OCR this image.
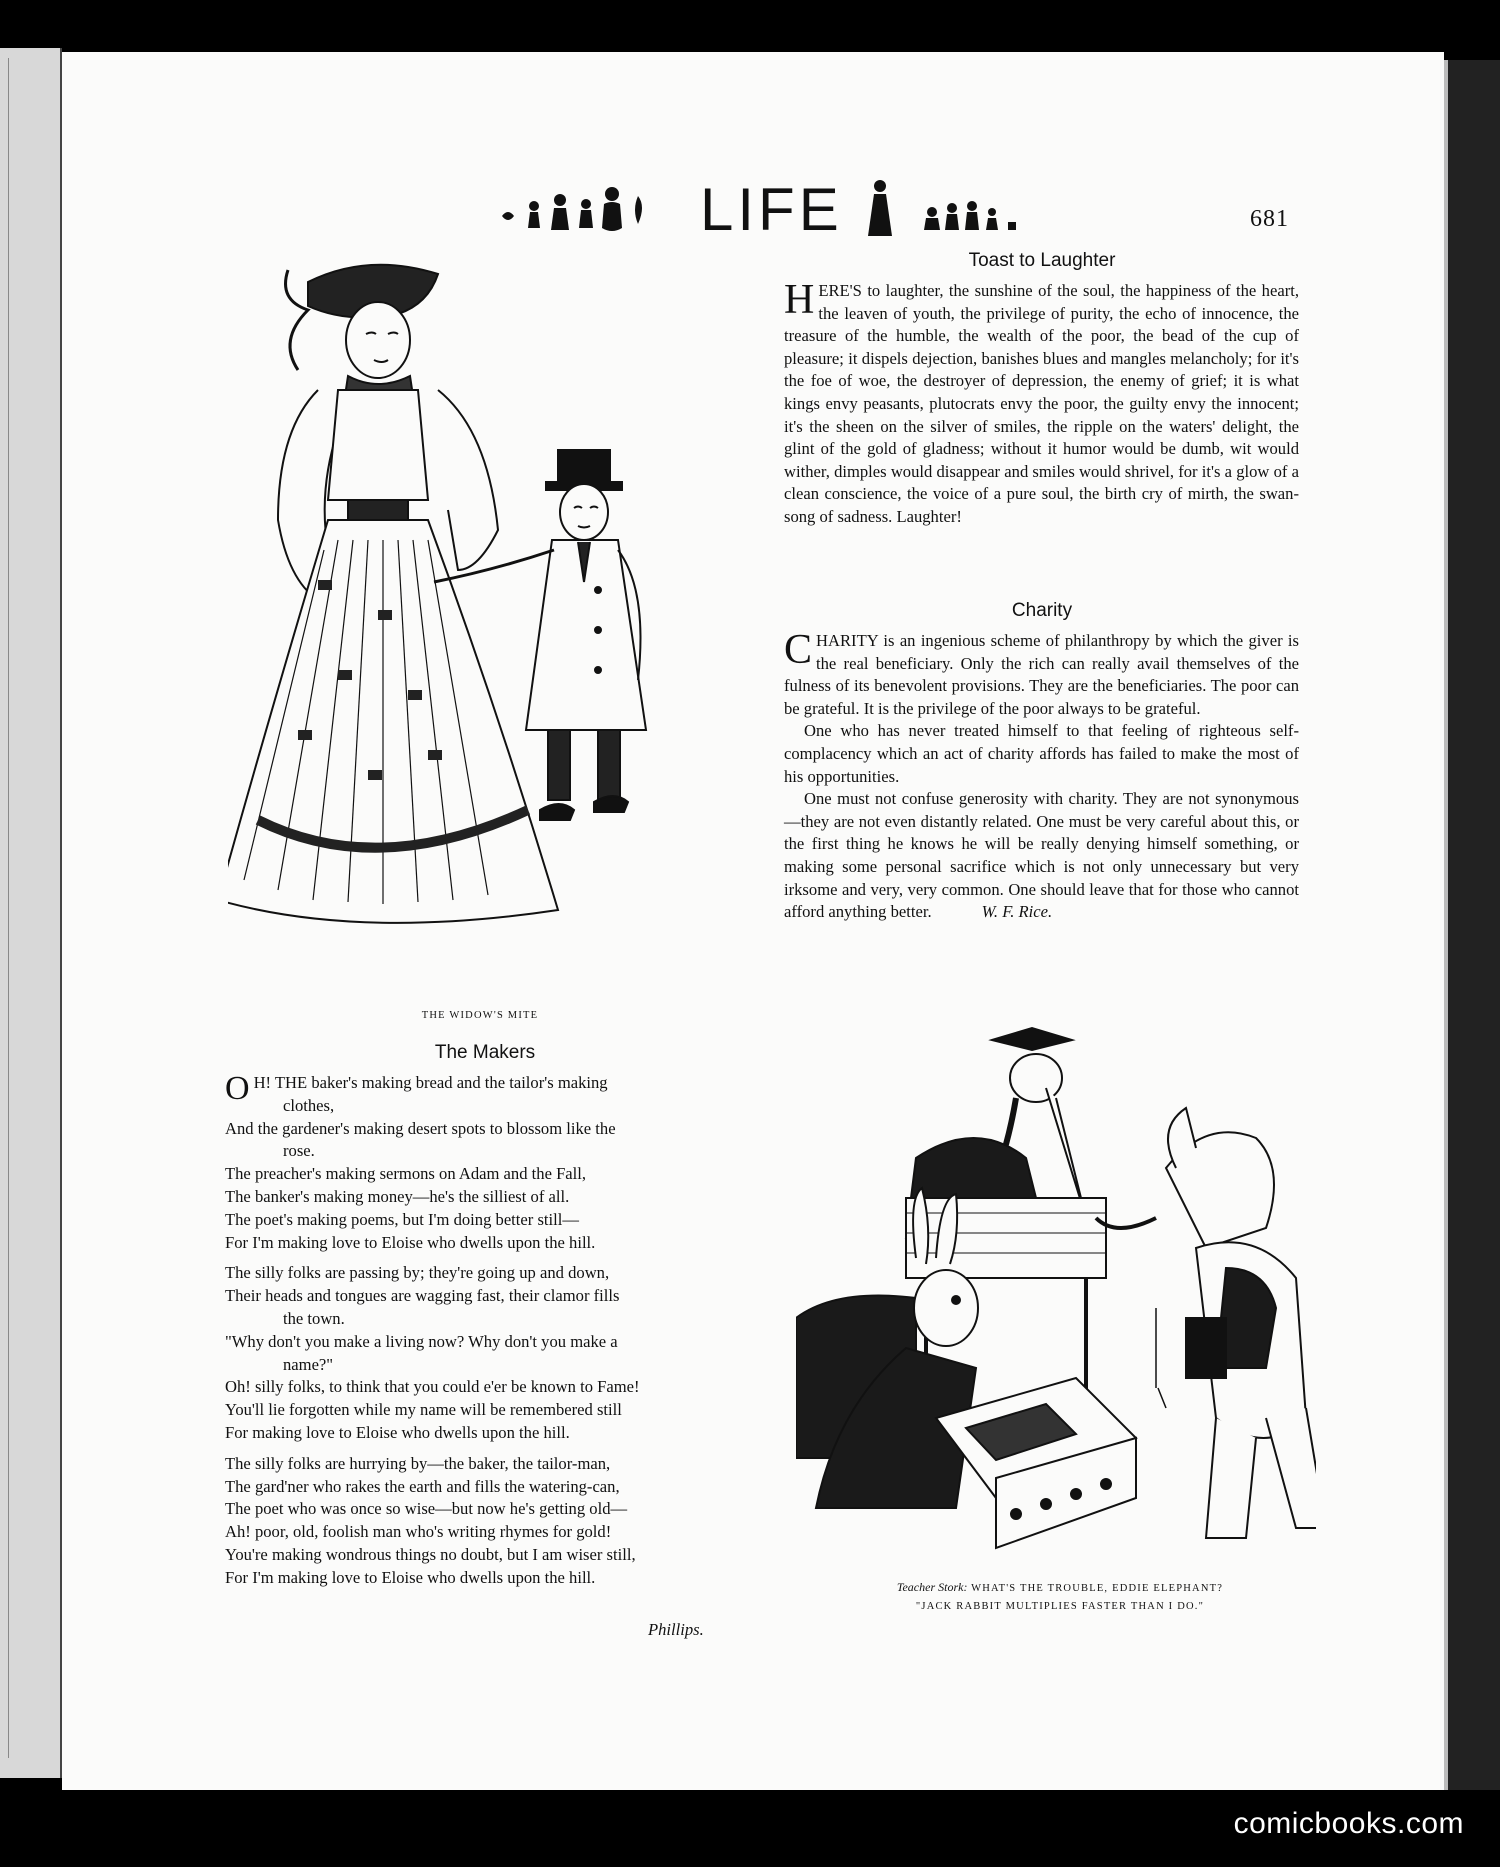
LIFE	681
THE WIDOW'S MITE
Toast to Laughter
HERE'S to laughter, the sunshine of the soul, the happiness of the heart, the leaven of youth, the privilege of purity, the echo of innocence, the treasure of the humble, the wealth of the poor, the bead of the cup of pleasure; it dispels dejection, banishes blues and mangles melancholy; for it's the foe of woe, the destroyer of depression, the enemy of grief; it is what kings envy peasants, plutocrats envy the poor, the guilty envy the innocent; it's the sheen on the silver of smiles, the ripple on the waters' delight, the glint of the gold of gladness; without it humor would be dumb, wit would wither, dimples would disappear and smiles would shrivel, for it's a glow of a clean conscience, the voice of a pure soul, the birth cry of mirth, the swan-song of sadness. Laughter!
Charity

CHARITY is an ingenious scheme of philanthropy by which the giver is the real beneficiary. Only the rich can really avail themselves of the fulness of its benevolent provisions. They are the beneficiaries. The poor can be grateful. It is the privilege of the poor always to be grateful.

One who has never treated himself to that feeling of righteous self-complacency which an act of charity affords has failed to make the most of his opportunities.

One must not confuse generosity with charity. They are not synonymous—they are not even distantly related. One must be very careful about this, or the first thing he knows he will be really denying himself something, or making some personal sacrifice which is not only unnecessary but very irksome and very, very common. One should leave that for those who cannot afford anything better.	W. F. Rice.

The Makers
O H! THE baker's making bread and the tailor's making
clothes,
And the gardener's making desert spots to blossom like the
rose.
The preacher's making sermons on Adam and the Fall,
The banker's making money—he's the silliest of all.
The poet's making poems, but I'm doing better still—
For I'm making love to Eloise who dwells upon the hill.
The silly folks are passing by; they're going up and down,
Their heads and tongues are wagging fast, their clamor fills
the town.
"Why don't you make a living now? Why don't you make a
name?"
Oh! silly folks, to think that you could e'er be known to Fame!
You'll lie forgotten while my name will be remembered still
For making love to Eloise who dwells upon the hill.
The silly folks are hurrying by—the baker, the tailor-man,
The gard'ner who rakes the earth and fills the watering-can,
The poet who was once so wise—but now he's getting old—
Ah! poor, old, foolish man who's writing rhymes for gold!
You're making wondrous things no doubt, but I am wiser still,
For I'm making love to Eloise who dwells upon the hill.
Phillips.
Teacher Stork: WHAT'S THE TROUBLE, EDDIE ELEPHANT?
"JACK RABBIT MULTIPLIES FASTER THAN I DO."
comicbooks.com
